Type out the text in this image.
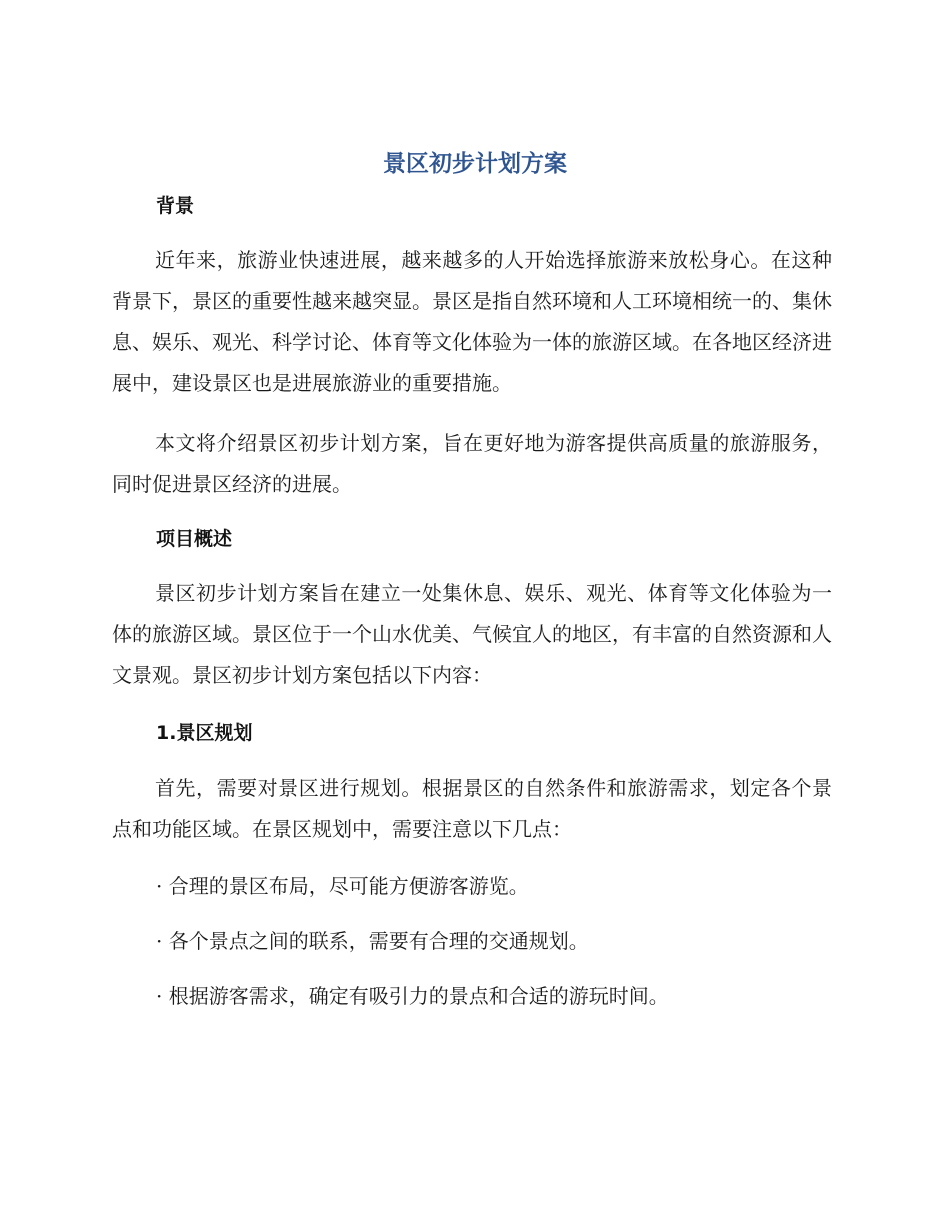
景区初步计划方案
背景

近年来，旅游业快速进展，越来越多的人开始选择旅游来放松身心。在这种背景下，景区的重要性越来越突显。景区是指自然环境和人工环境相统一的、集休息、娱乐、观光、科学讨论、体育等文化体验为一体的旅游区域。在各地区经济进展中，建设景区也是进展旅游业的重要措施。

本文将介绍景区初步计划方案，旨在更好地为游客提供高质量的旅游服务，同时促进景区经济的进展。

项目概述

景区初步计划方案旨在建立一处集休息、娱乐、观光、体育等文化体验为一体的旅游区域。景区位于一个山水优美、气候宜人的地区，有丰富的自然资源和人文景观。景区初步计划方案包括以下内容：

1.景区规划

首先，需要对景区进行规划。根据景区的自然条件和旅游需求，划定各个景点和功能区域。在景区规划中，需要注意以下几点：

· 合理的景区布局，尽可能方便游客游览。

· 各个景点之间的联系，需要有合理的交通规划。

· 根据游客需求，确定有吸引力的景点和合适的游玩时间。
